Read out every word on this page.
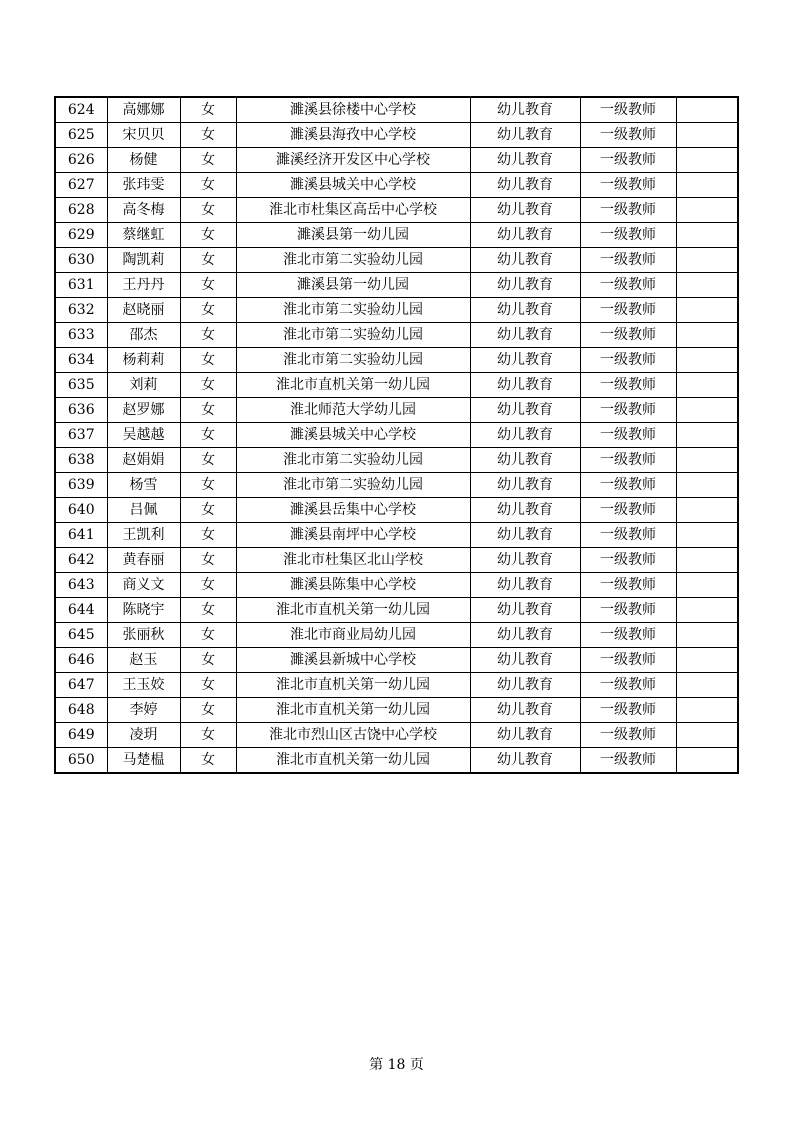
624	高娜娜	女	濉溪县徐楼中心学校	幼儿教育	一级教师	
625	宋贝贝	女	濉溪县海孜中心学校	幼儿教育	一级教师	
626	杨健	女	濉溪经济开发区中心学校	幼儿教育	一级教师	
627	张玮雯	女	濉溪县城关中心学校	幼儿教育	一级教师	
628	高冬梅	女	淮北市杜集区高岳中心学校	幼儿教育	一级教师	
629	蔡继虹	女	濉溪县第一幼儿园	幼儿教育	一级教师	
630	陶凯莉	女	淮北市第二实验幼儿园	幼儿教育	一级教师	
631	王丹丹	女	濉溪县第一幼儿园	幼儿教育	一级教师	
632	赵晓丽	女	淮北市第二实验幼儿园	幼儿教育	一级教师	
633	邵杰	女	淮北市第二实验幼儿园	幼儿教育	一级教师	
634	杨莉莉	女	淮北市第二实验幼儿园	幼儿教育	一级教师	
635	刘莉	女	淮北市直机关第一幼儿园	幼儿教育	一级教师	
636	赵罗娜	女	淮北师范大学幼儿园	幼儿教育	一级教师	
637	吴越越	女	濉溪县城关中心学校	幼儿教育	一级教师	
638	赵娟娟	女	淮北市第二实验幼儿园	幼儿教育	一级教师	
639	杨雪	女	淮北市第二实验幼儿园	幼儿教育	一级教师	
640	吕佩	女	濉溪县岳集中心学校	幼儿教育	一级教师	
641	王凯利	女	濉溪县南坪中心学校	幼儿教育	一级教师	
642	黄春丽	女	淮北市杜集区北山学校	幼儿教育	一级教师	
643	商义文	女	濉溪县陈集中心学校	幼儿教育	一级教师	
644	陈晓宇	女	淮北市直机关第一幼儿园	幼儿教育	一级教师	
645	张丽秋	女	淮北市商业局幼儿园	幼儿教育	一级教师	
646	赵玉	女	濉溪县新城中心学校	幼儿教育	一级教师	
647	王玉姣	女	淮北市直机关第一幼儿园	幼儿教育	一级教师	
648	李婷	女	淮北市直机关第一幼儿园	幼儿教育	一级教师	
649	凌玥	女	淮北市烈山区古饶中心学校	幼儿教育	一级教师	
650	马楚榅	女	淮北市直机关第一幼儿园	幼儿教育	一级教师	
第 18 页
